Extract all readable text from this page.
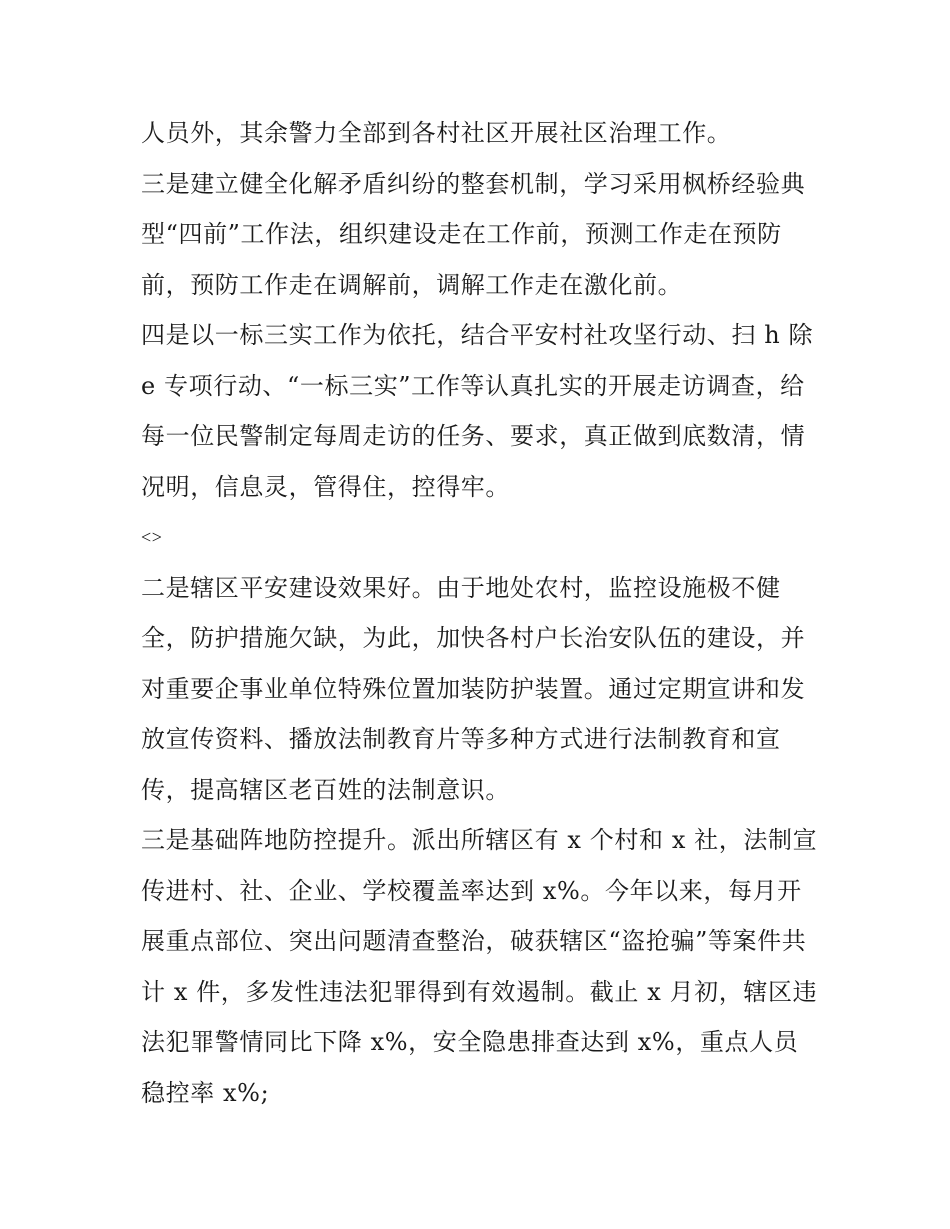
人员外，其余警力全部到各村社区开展社区治理工作。
三是建立健全化解矛盾纠纷的整套机制，学习采用枫桥经验典
型“四前”工作法，组织建设走在工作前，预测工作走在预防
前，预防工作走在调解前，调解工作走在激化前。
四是以一标三实工作为依托，结合平安村社攻坚行动、扫 h 除
e 专项行动、“一标三实”工作等认真扎实的开展走访调查，给
每一位民警制定每周走访的任务、要求，真正做到底数清，情
况明，信息灵，管得住，控得牢。
<>
二是辖区平安建设效果好。由于地处农村，监控设施极不健
全，防护措施欠缺，为此，加快各村户长治安队伍的建设，并
对重要企事业单位特殊位置加装防护装置。通过定期宣讲和发
放宣传资料、播放法制教育片等多种方式进行法制教育和宣
传，提高辖区老百姓的法制意识。
三是基础阵地防控提升。派出所辖区有 x 个村和 x 社，法制宣
传进村、社、企业、学校覆盖率达到 x%。今年以来，每月开
展重点部位、突出问题清查整治，破获辖区“盗抢骗”等案件共
计 x 件，多发性违法犯罪得到有效遏制。截止 x 月初，辖区违
法犯罪警情同比下降 x%，安全隐患排查达到 x%，重点人员
稳控率 x%;
